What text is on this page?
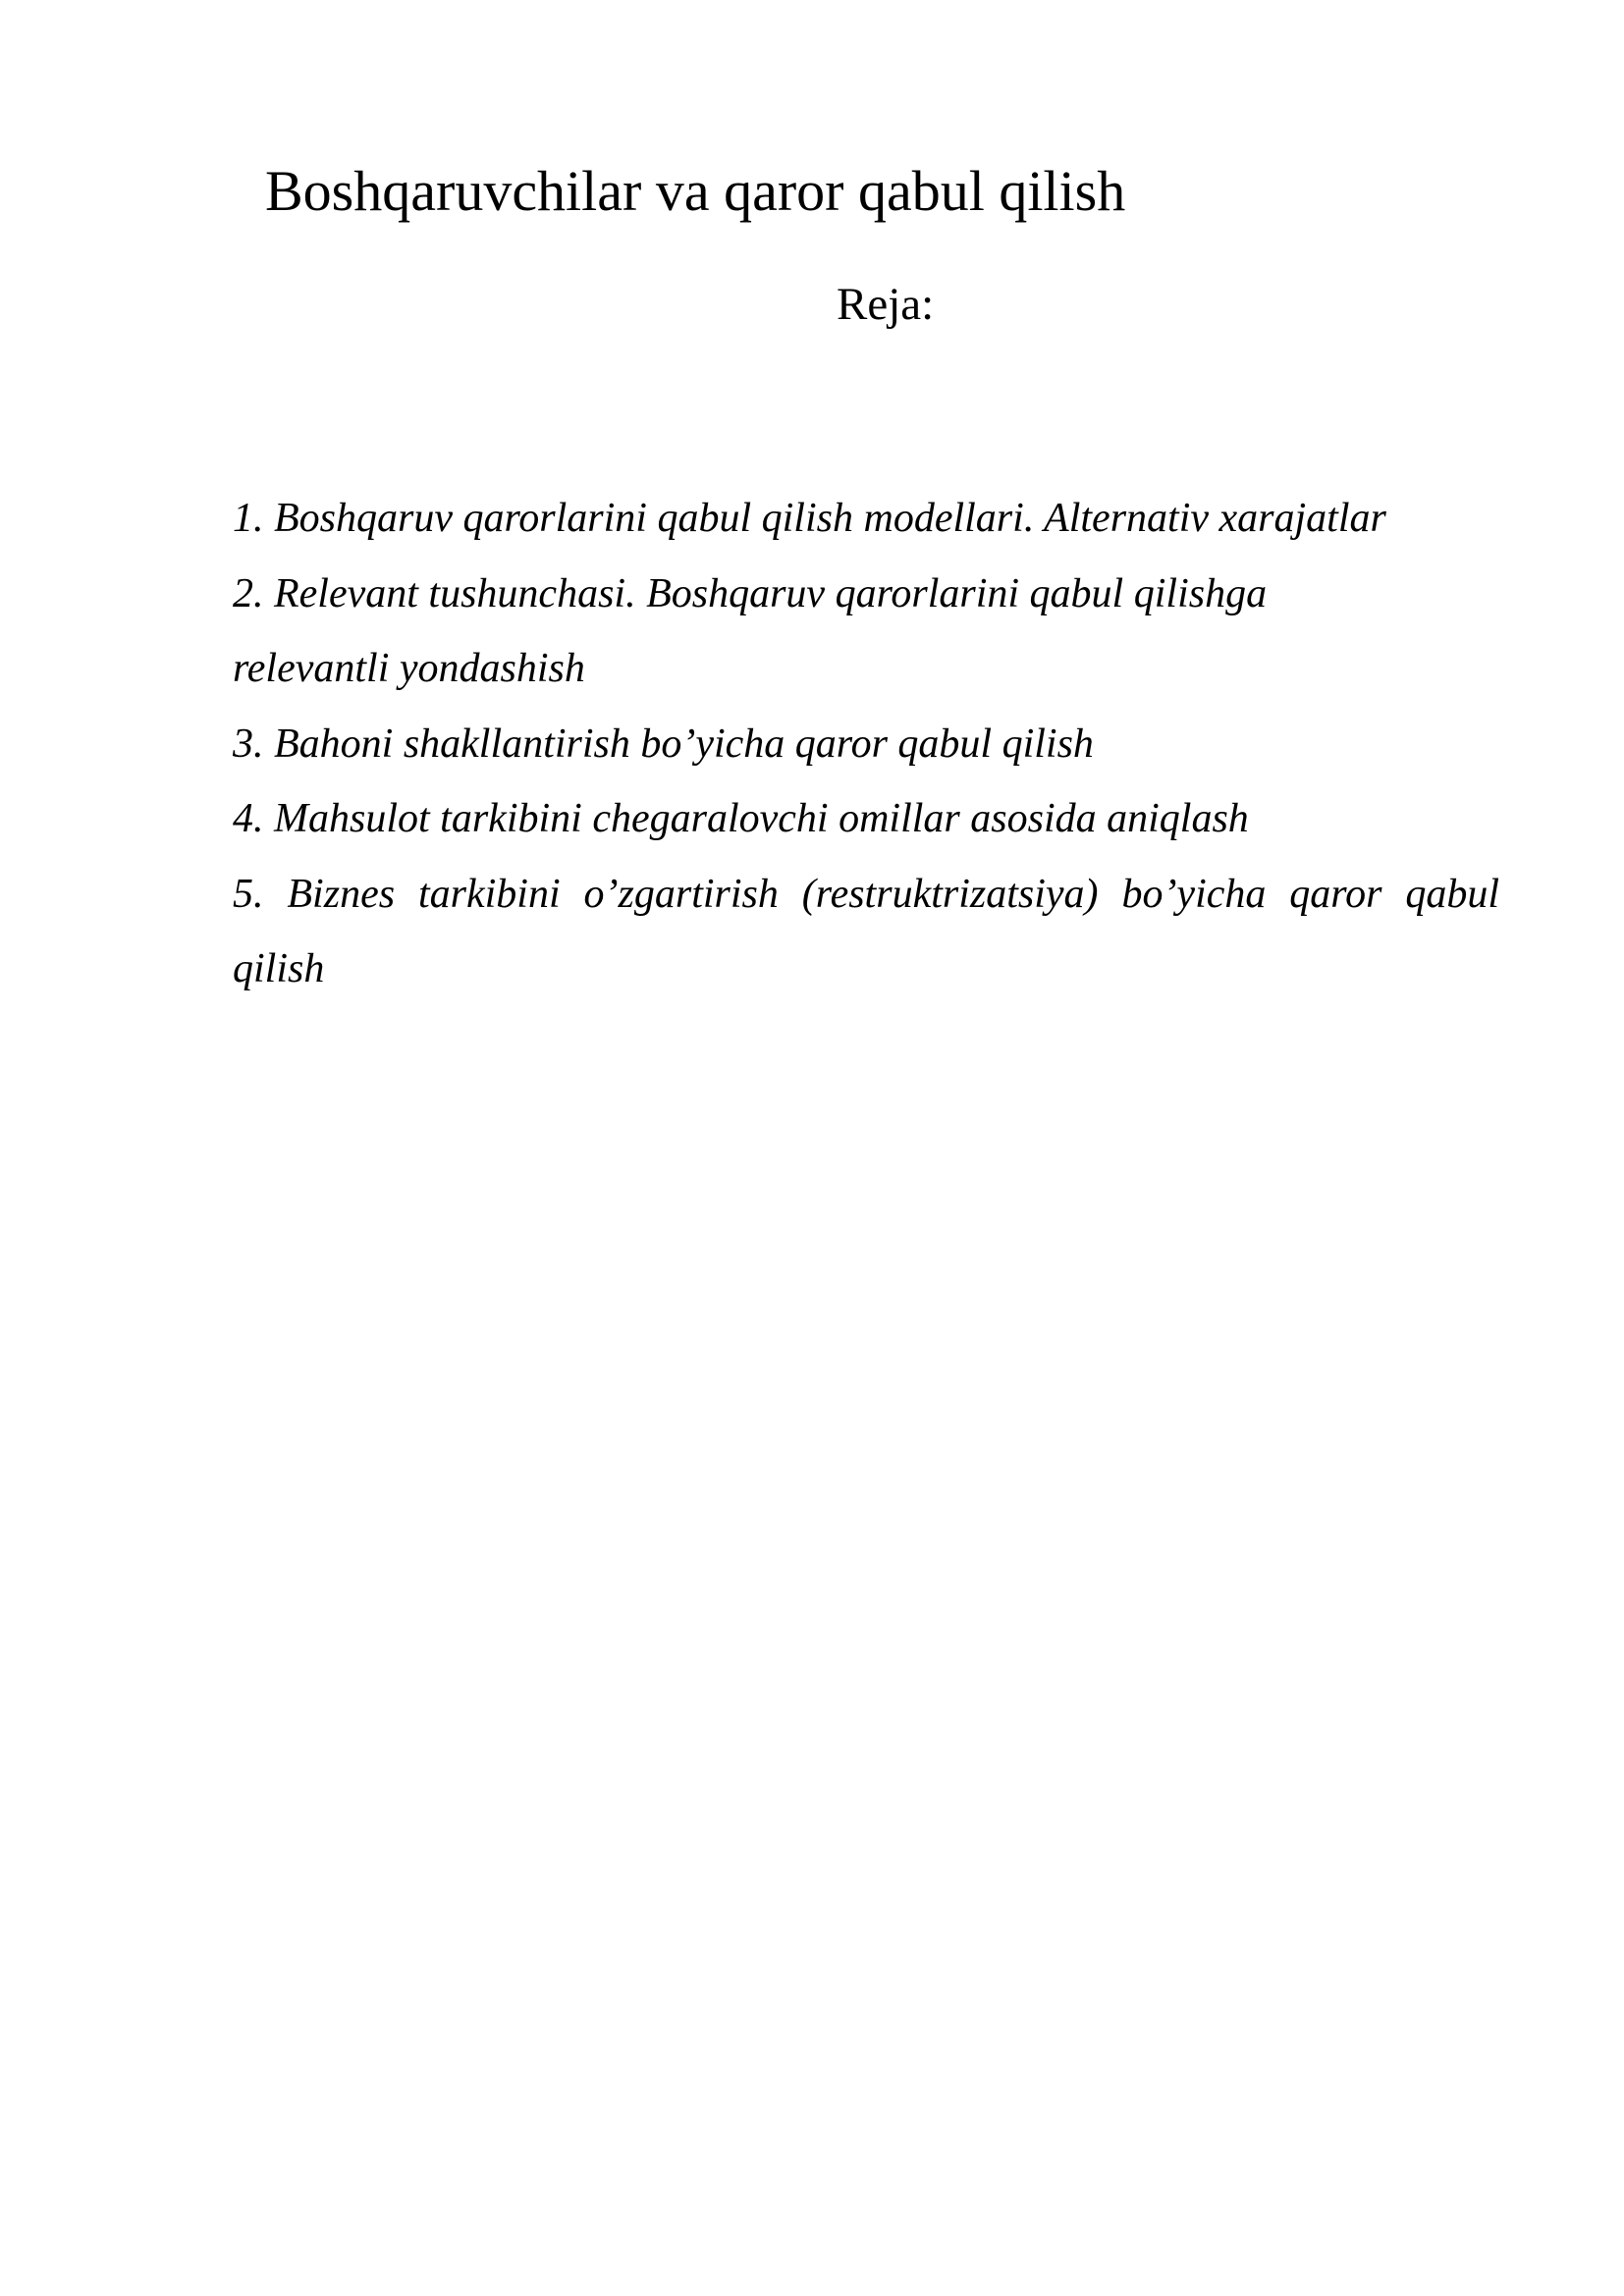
Boshqaruvchilar va qaror qabul qilish

Reja:

1. Boshqaruv qarorlarini qabul qilish modellari. Alternativ xarajatlar
2. Relevant tushunchasi. Boshqaruv qarorlarini qabul qilishga
relevantli yondashish
3. Bahoni shakllantirish bo’yicha qaror qabul qilish
4. Mahsulot tarkibini chegaralovchi omillar asosida aniqlash
5. Biznes tarkibini o’zgartirish (restruktrizatsiya) bo’yicha qaror qabul
qilish
